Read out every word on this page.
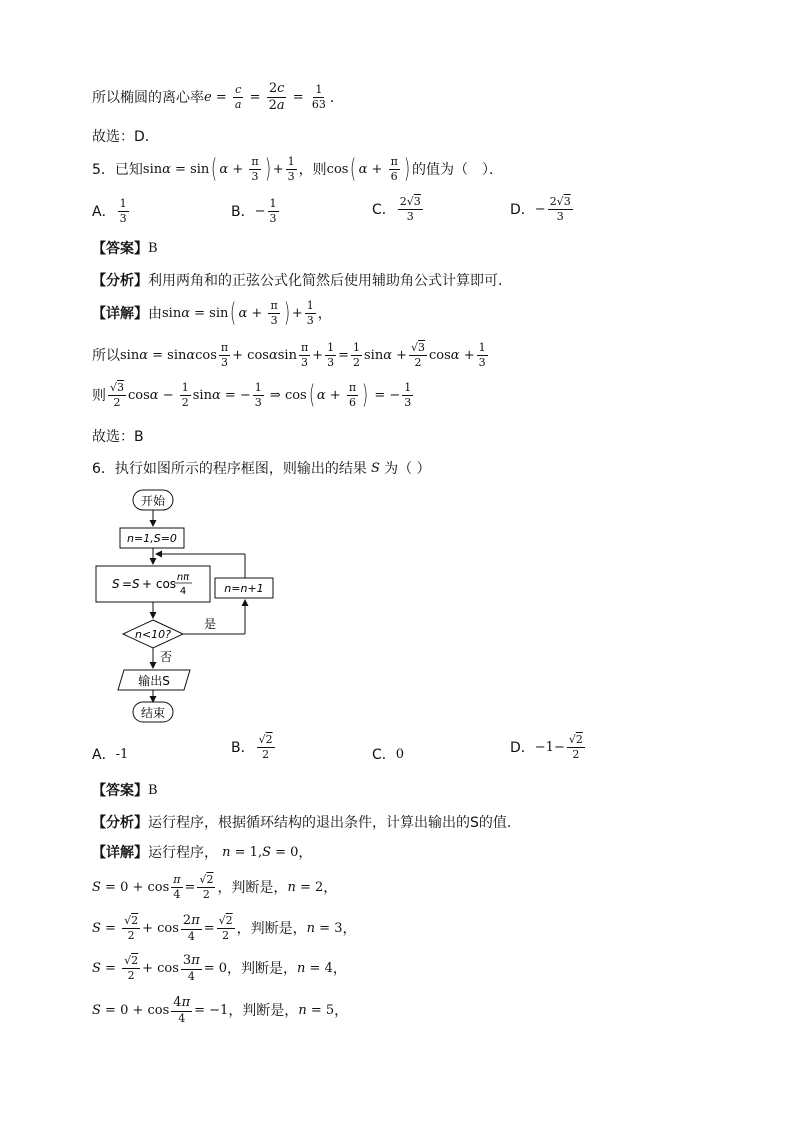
所以椭圆的离心率 $e = \frac{c}{a} = \frac{2c}{2a} = \frac{1}{63}$ ．
故选：D．
5．已知 sin α = sin ( $\alpha + \frac{\pi}{3}$ ) + $\frac{1}{3}$ ，则 cos ( $\alpha + \frac{\pi}{6}$ ) 的值为（　）．
A． $\frac{1}{3}$	B． − $\frac{1}{3}$	C． $\frac{2√3}{3}$	D． − $\frac{2√3}{3}$
【答案】 B
【分析】 利用两角和的正弦公式化简然后使用辅助角公式计算即可.
【详解】 由 sin α = sin ( $\alpha + \frac{\pi}{3}$ ) + $\frac{1}{3}$ ，
所以 sin α = sin α $\cos \frac{\pi}{3} + \cos \alpha$ $\sin \frac{\pi}{3} + \frac{1}{3} = \frac{1}{2}$ $\sin \alpha + \frac{√3}{2}$ $\cos \alpha + \frac{1}{3}$
则 $\frac{√3}{2}$ $\cos \alpha - \frac{1}{2}$ sin α = − $\frac{1}{3}$ ⇒ cos ( $\alpha + \frac{\pi}{6}$ ) = − $\frac{1}{3}$
故选：B
6．执行如图所示的程序框图，则输出的结果 S 为（ ）
开始
n=1,S=0
S = S + cos nπ
4	n=n+1
n<10?
是
否
输出S
结束
A． -1	B． $\frac{√2}{2}$	C． 0	D． $-1- \frac{√2}{2}$
【答案】 B
【分析】 运行程序，根据循环结构的退出条件，计算出输出的S的值.
【详解】 运行程序， n = 1, S = 0 ，
$S = 0 + \cos \frac{\pi}{4} = \frac{√2}{2}$ ，判断是， n = 2 ，
$S = \frac{√2}{2} + \cos \frac{2\pi}{4} = \frac{√2}{2}$ ，判断是， n = 3 ，
$S = \frac{√2}{2} + \cos \frac{3\pi}{4} = 0$ ，判断是， n = 4 ，
$S = 0 + \cos \frac{4\pi}{4} = -1$ ，判断是， n = 5 ，
